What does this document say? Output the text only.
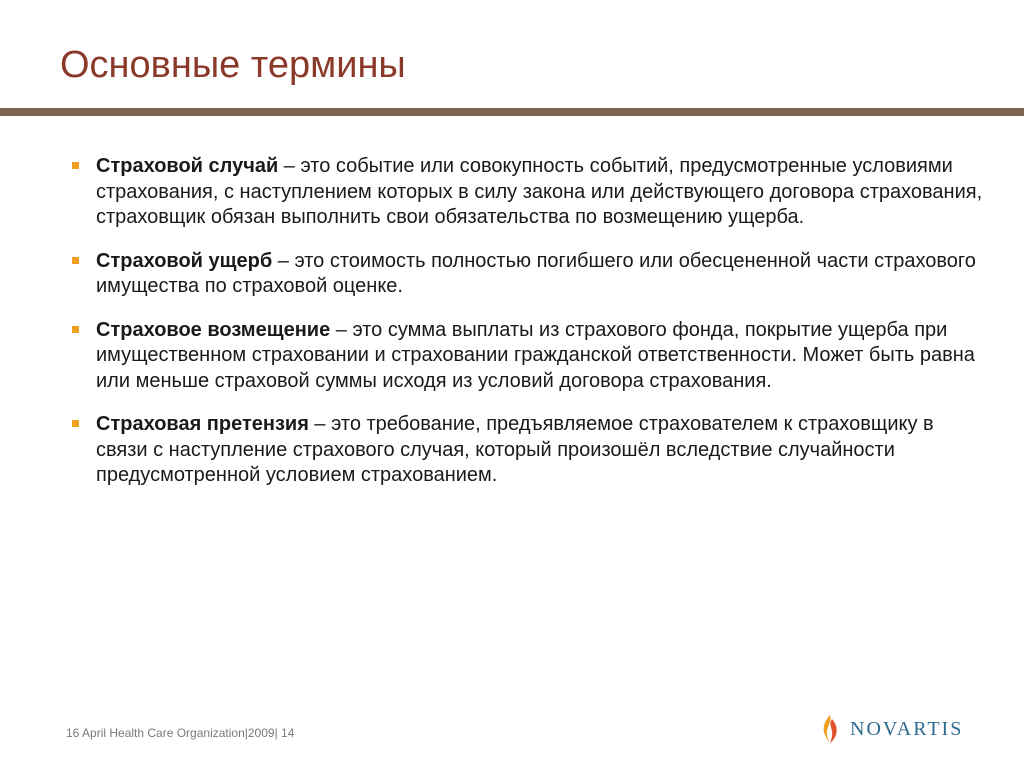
Основные термины
Страховой случай – это событие или совокупность событий, предусмотренные условиями страхования, с наступлением которых в силу закона или действующего договора страхования, страховщик обязан выполнить свои обязательства по возмещению ущерба.
Страховой ущерб – это стоимость полностью погибшего или обесцененной части страхового имущества по страховой оценке.
Страховое возмещение – это сумма выплаты из страхового фонда, покрытие ущерба при имущественном страховании и страховании гражданской ответственности. Может быть равна или меньше страховой суммы исходя из условий договора страхования.
Страховая претензия – это требование, предъявляемое страхователем к страховщику в связи с наступление страхового случая, который произошёл вследствие случайности предусмотренной условием страхованием.
16 April Health Care Organization|2009| 14	NOVARTIS
